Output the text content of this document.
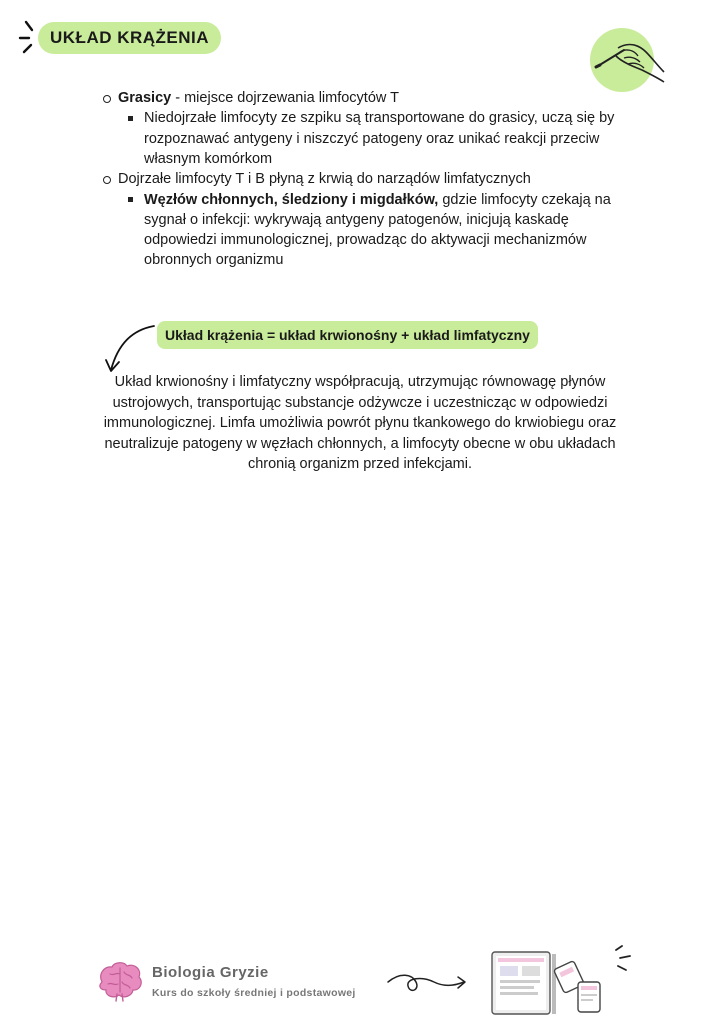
UKŁAD KRĄŻENIA
Grasicy - miejsce dojrzewania limfocytów T
Niedojrzałe limfocyty ze szpiku są transportowane do grasicy, uczą się by
rozpoznawać antygeny i niszczyć patogeny oraz unikać reakcji przeciw
własnym komórkom
Dojrzałe limfocyty T i B płyną z krwią do narządów limfatycznych
Węzłów chłonnych, śledziony i migdałków, gdzie limfocyty czekają na
sygnał o infekcji: wykrywają antygeny patogenów, inicjują kaskadę
odpowiedzi immunologicznej, prowadząc do aktywacji mechanizmów
obronnych organizmu
Układ krążenia = układ krwionośny + układ limfatyczny
Układ krwionośny i limfatyczny współpracują, utrzymując równowagę płynów
ustrojowych, transportując substancje odżywcze i uczestnicząc w odpowiedzi
immunologicznej. Limfa umożliwia powrót płynu tkankowego do krwiobiegu oraz
neutralizuje patogeny w węzłach chłonnych, a limfocyty obecne w obu układach
chronią organizm przed infekcjami.
Biologia Gryzie
Kurs do szkoły średniej i podstawowej
